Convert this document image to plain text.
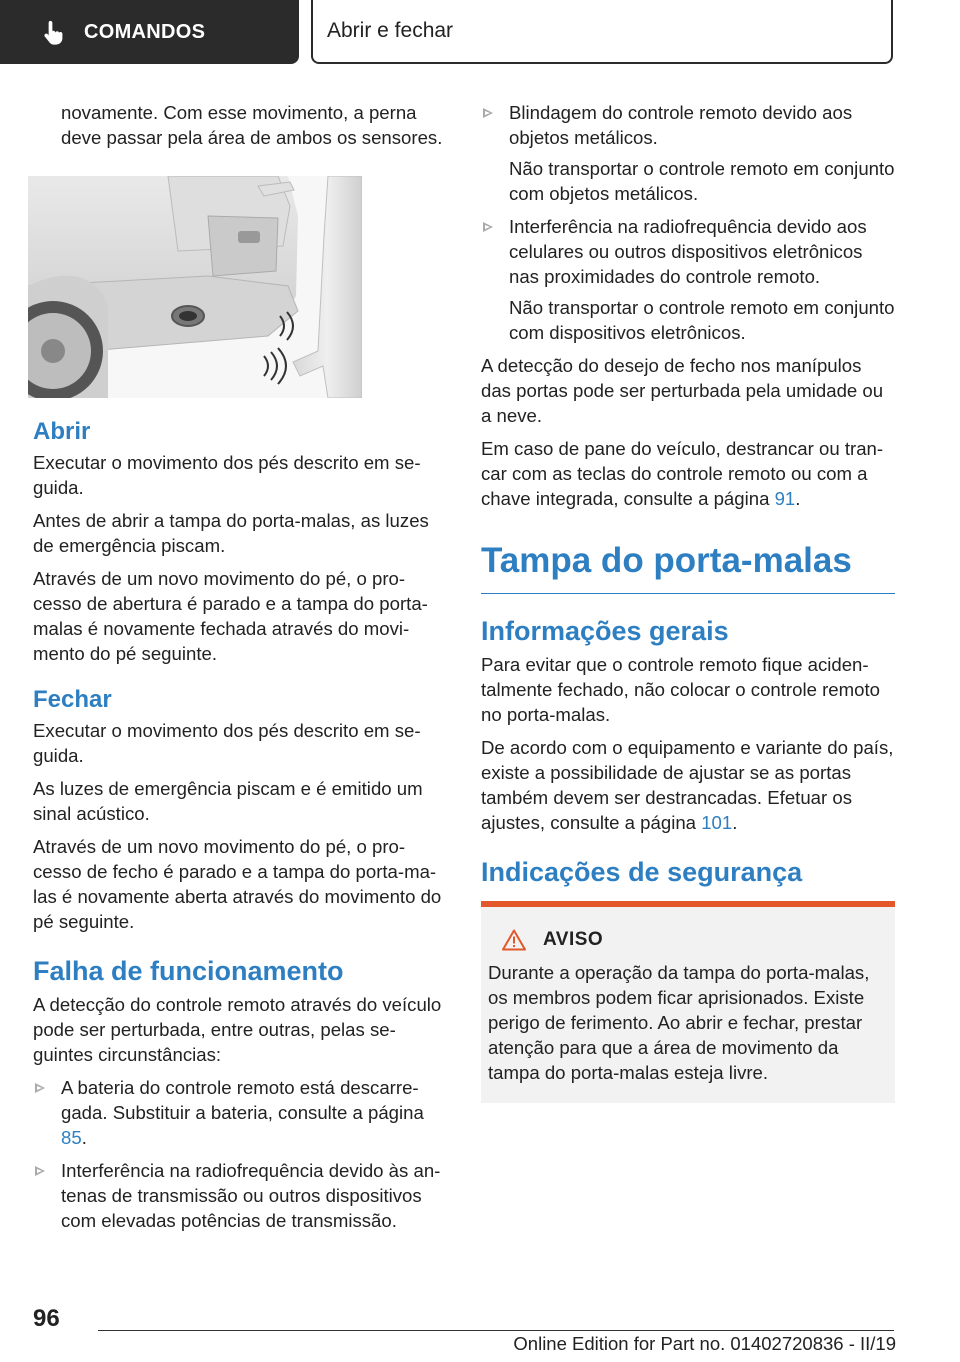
COMANDOS	Abrir e fechar

novamente. Com esse movimento, a perna deve passar pela área de ambos os sensores.

Abrir

Executar o movimento dos pés descrito em seguida.

Antes de abrir a tampa do porta-malas, as luzes de emergência piscam.

Através de um novo movimento do pé, o processo de abertura é parado e a tampa do porta-malas é novamente fechada através do movimento do pé seguinte.

Fechar

Executar o movimento dos pés descrito em seguida.

As luzes de emergência piscam e é emitido um sinal acústico.

Através de um novo movimento do pé, o processo de fecho é parado e a tampa do porta-malas é novamente aberta através do movimento do pé seguinte.

Falha de funcionamento

A detecção do controle remoto através do veículo pode ser perturbada, entre outras, pelas seguintes circunstâncias:

A bateria do controle remoto está descarregada. Substituir a bateria, consulte a página 85.
Interferência na radiofrequência devido às antenas de transmissão ou outros dispositivos com elevadas potências de transmissão.
Blindagem do controle remoto devido aos objetos metálicos.
Não transportar o controle remoto em conjunto com objetos metálicos.
Interferência na radiofrequência devido aos celulares ou outros dispositivos eletrônicos nas proximidades do controle remoto.
Não transportar o controle remoto em conjunto com dispositivos eletrônicos.

A detecção do desejo de fecho nos manípulos das portas pode ser perturbada pela umidade ou a neve.

Em caso de pane do veículo, destrancar ou trancar com as teclas do controle remoto ou com a chave integrada, consulte a página 91.

Tampa do porta-malas
Informações gerais

Para evitar que o controle remoto fique acidentalmente fechado, não colocar o controle remoto no porta-malas.

De acordo com o equipamento e variante do país, existe a possibilidade de ajustar se as portas também devem ser destrancadas. Efetuar os ajustes, consulte a página 101.

Indicações de segurança
AVISO

Durante a operação da tampa do porta-malas, os membros podem ficar aprisionados. Existe perigo de ferimento. Ao abrir e fechar, prestar atenção para que a área de movimento da tampa do porta-malas esteja livre.

96
Online Edition for Part no. 01402720836 - II/19
